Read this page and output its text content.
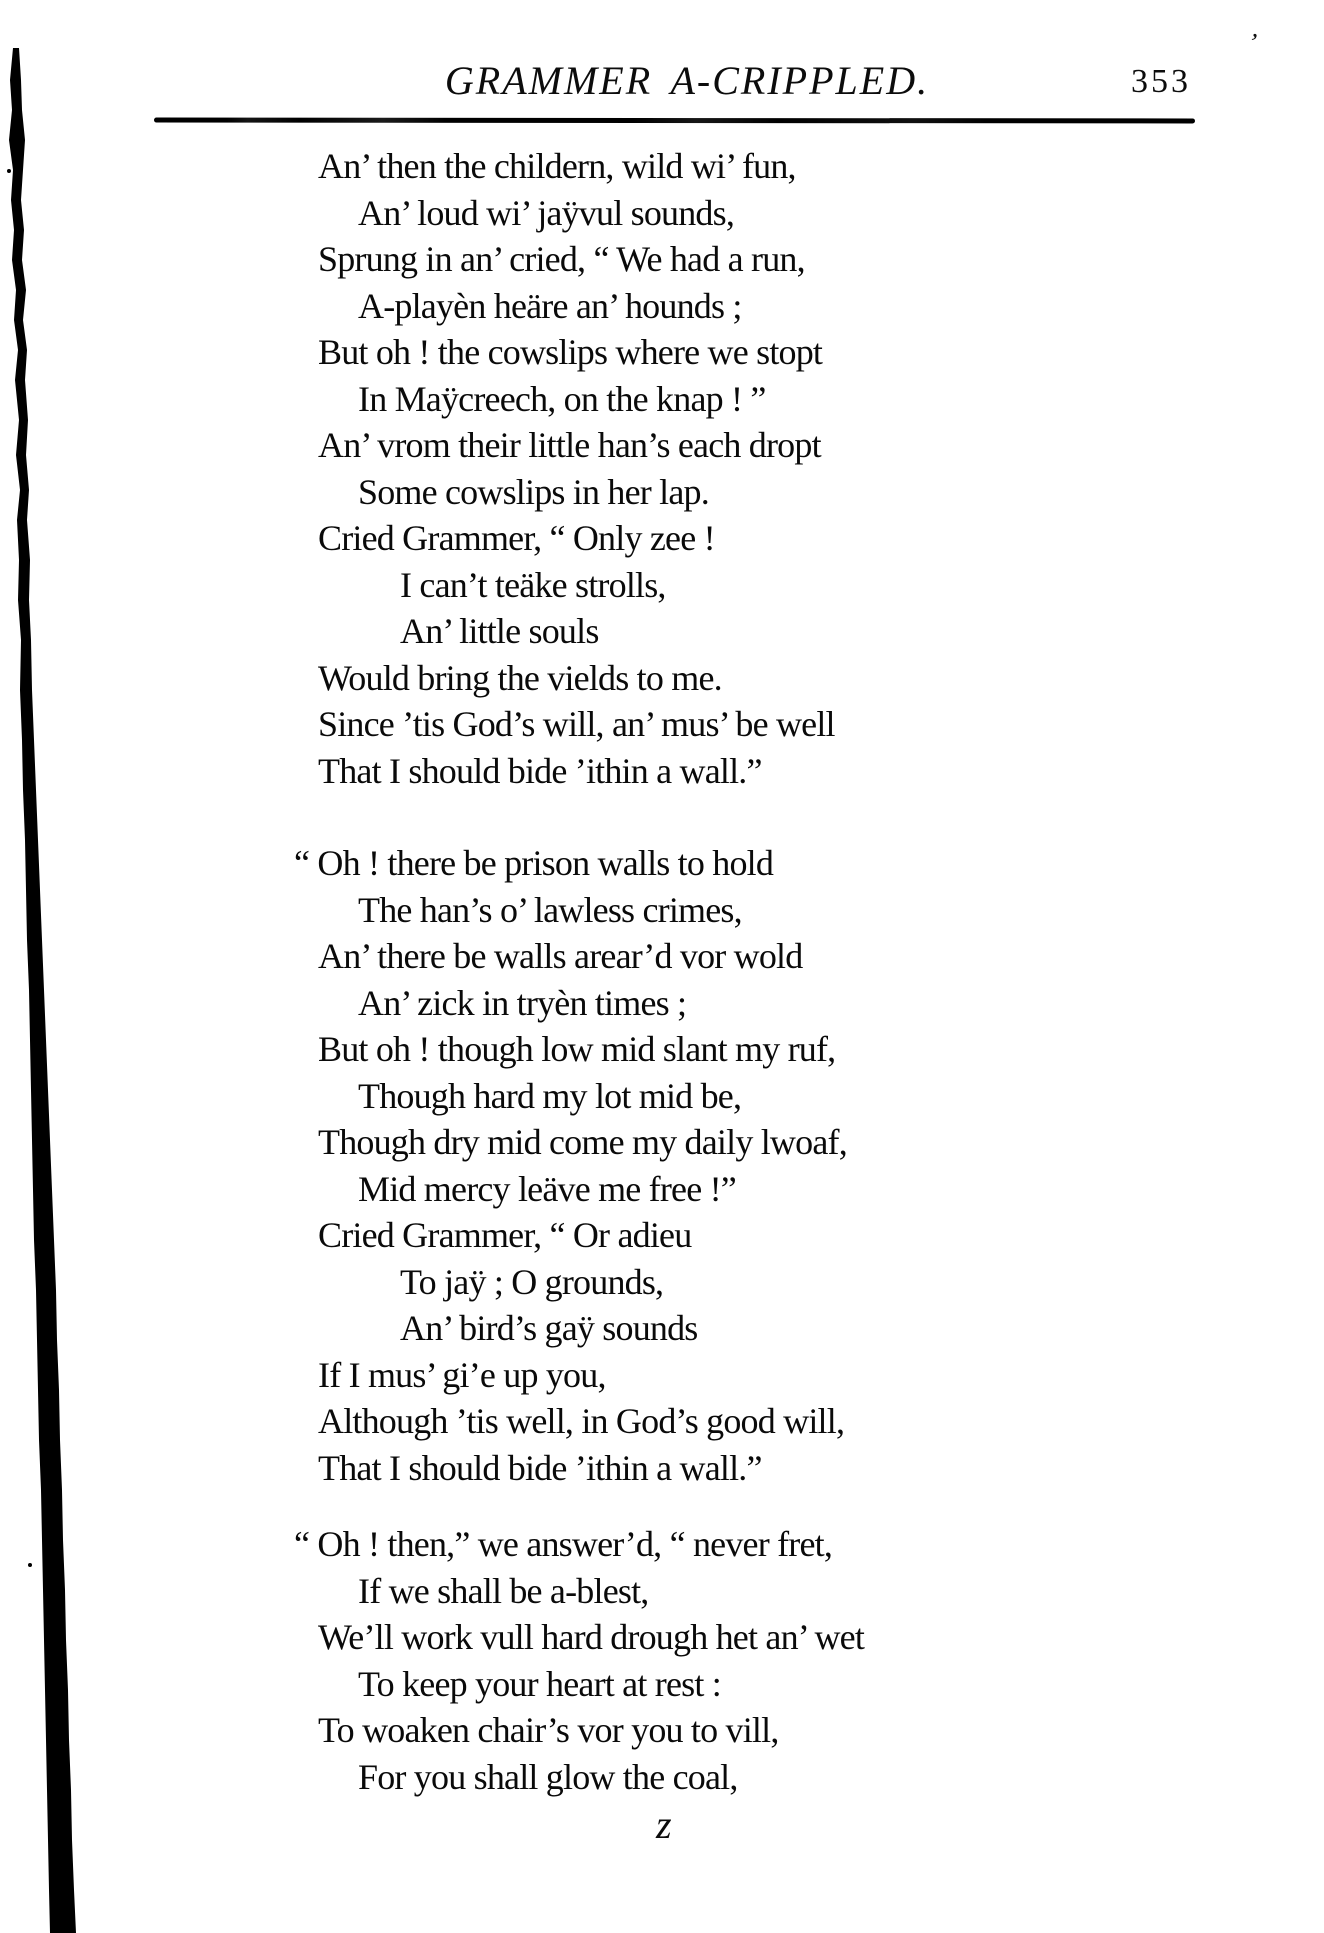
GRAMMER A-CRIPPLED.	353
’
An’ then the childern, wild wi’ fun,
An’ loud wi’ jaÿvul sounds,
Sprung in an’ cried, “ We had a run,
A-playèn heäre an’ hounds ;
But oh ! the cowslips where we stopt
In Maÿcreech, on the knap ! ”
An’ vrom their little han’s each dropt
Some cowslips in her lap.
Cried Grammer, “ Only zee !
I can’t teäke strolls,
An’ little souls
Would bring the vields to me.
Since ’tis God’s will, an’ mus’ be well
That I should bide ’ithin a wall.”
“ Oh ! there be prison walls to hold
The han’s o’ lawless crimes,
An’ there be walls arear’d vor wold
An’ zick in tryèn times ;
But oh ! though low mid slant my ruf,
Though hard my lot mid be,
Though dry mid come my daily lwoaf,
Mid mercy leäve me free !”
Cried Grammer, “ Or adieu
To jaÿ ; O grounds,
An’ bird’s gaÿ sounds
If I mus’ gi’e up you,
Although ’tis well, in God’s good will,
That I should bide ’ithin a wall.”
“ Oh ! then,” we answer’d, “ never fret,
If we shall be a-blest,
We’ll work vull hard drough het an’ wet
To keep your heart at rest :
To woaken chair’s vor you to vill,
For you shall glow the coal,
z
